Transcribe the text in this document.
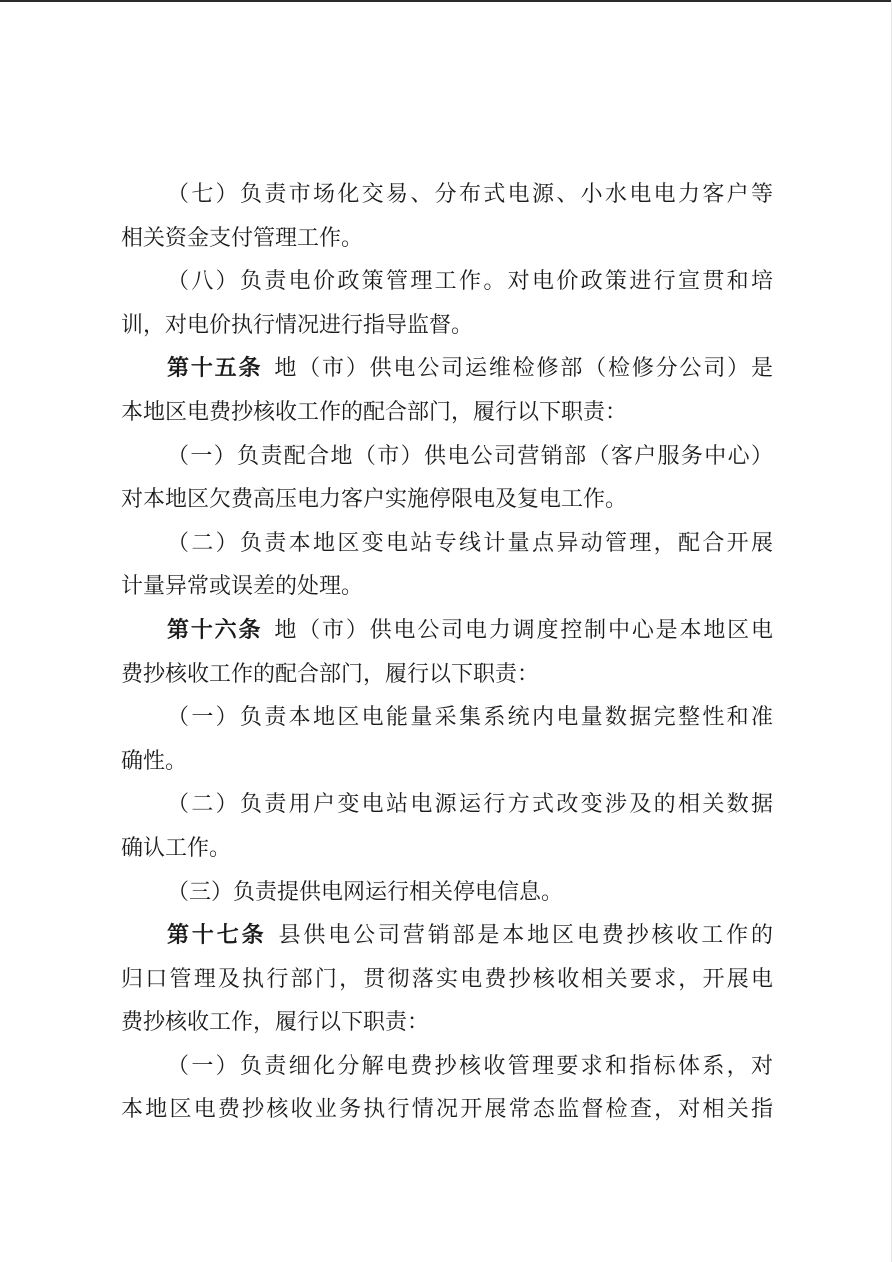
（七）负责市场化交易、分布式电源、小水电电力客户等
相关资金支付管理工作。
（八）负责电价政策管理工作。对电价政策进行宣贯和培
训，对电价执行情况进行指导监督。
第十五条 地（市）供电公司运维检修部（检修分公司）是
本地区电费抄核收工作的配合部门，履行以下职责：
（一）负责配合地（市）供电公司营销部（客户服务中心）
对本地区欠费高压电力客户实施停限电及复电工作。
（二）负责本地区变电站专线计量点异动管理，配合开展
计量异常或误差的处理。
第十六条 地（市）供电公司电力调度控制中心是本地区电
费抄核收工作的配合部门，履行以下职责：
（一）负责本地区电能量采集系统内电量数据完整性和准
确性。
（二）负责用户变电站电源运行方式改变涉及的相关数据
确认工作。
（三）负责提供电网运行相关停电信息。
第十七条 县供电公司营销部是本地区电费抄核收工作的
归口管理及执行部门，贯彻落实电费抄核收相关要求，开展电
费抄核收工作，履行以下职责：
（一）负责细化分解电费抄核收管理要求和指标体系，对
本地区电费抄核收业务执行情况开展常态监督检查，对相关指
